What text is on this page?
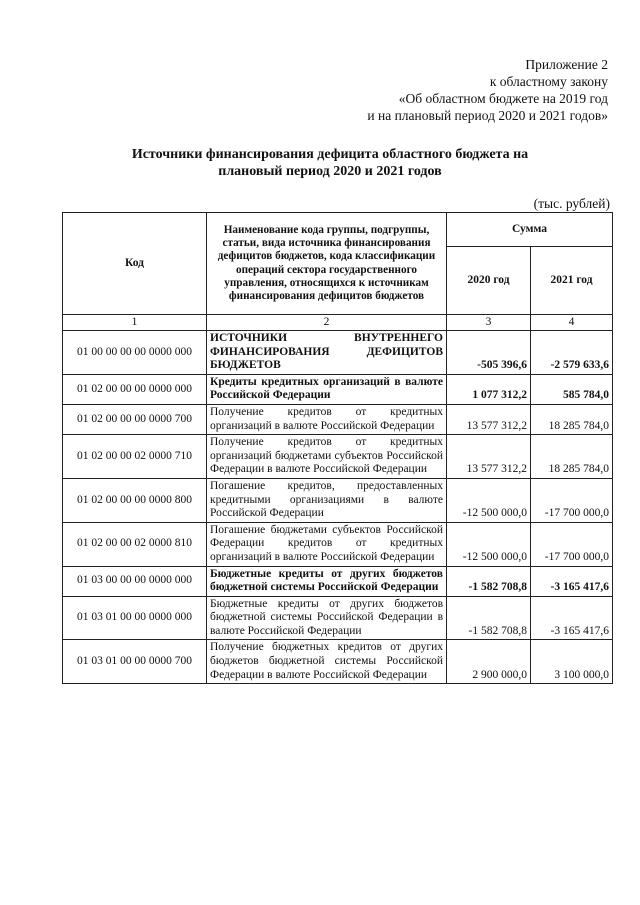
Приложение 2
к областному закону
«Об областном бюджете на 2019 год
и на плановый период 2020 и 2021 годов»
Источники финансирования дефицита областного бюджета на
плановый период 2020 и 2021 годов
(тыс. рублей)
Код	Наименование кода группы, подгруппы, статьи, вида источника финансирования дефицитов бюджетов, кода классификации операций сектора государственного управления, относящихся к источникам финансирования дефицитов бюджетов	Сумма	
		2020 год	2021 год
1	2	3	4
01 00 00 00 00 0000 000	ИСТОЧНИКИ ВНУТРЕННЕГО ФИНАНСИРОВАНИЯ ДЕФИЦИТОВ БЮДЖЕТОВ	-505 396,6	-2 579 633,6
01 02 00 00 00 0000 000	Кредиты кредитных организаций в валюте Российской Федерации	1 077 312,2	585 784,0
01 02 00 00 00 0000 700	Получение кредитов от кредитных организаций в валюте Российской Федерации	13 577 312,2	18 285 784,0
01 02 00 00 02 0000 710	Получение кредитов от кредитных организаций бюджетами субъектов Российской Федерации в валюте Российской Федерации	13 577 312,2	18 285 784,0
01 02 00 00 00 0000 800	Погашение кредитов, предоставленных кредитными организациями в валюте Российской Федерации	-12 500 000,0	-17 700 000,0
01 02 00 00 02 0000 810	Погашение бюджетами субъектов Российской Федерации кредитов от кредитных организаций в валюте Российской Федерации	-12 500 000,0	-17 700 000,0
01 03 00 00 00 0000 000	Бюджетные кредиты от других бюджетов бюджетной системы Российской Федерации	-1 582 708,8	-3 165 417,6
01 03 01 00 00 0000 000	Бюджетные кредиты от других бюджетов бюджетной системы Российской Федерации в валюте Российской Федерации	-1 582 708,8	-3 165 417,6
01 03 01 00 00 0000 700	Получение бюджетных кредитов от других бюджетов бюджетной системы Российской Федерации в валюте Российской Федерации	2 900 000,0	3 100 000,0
